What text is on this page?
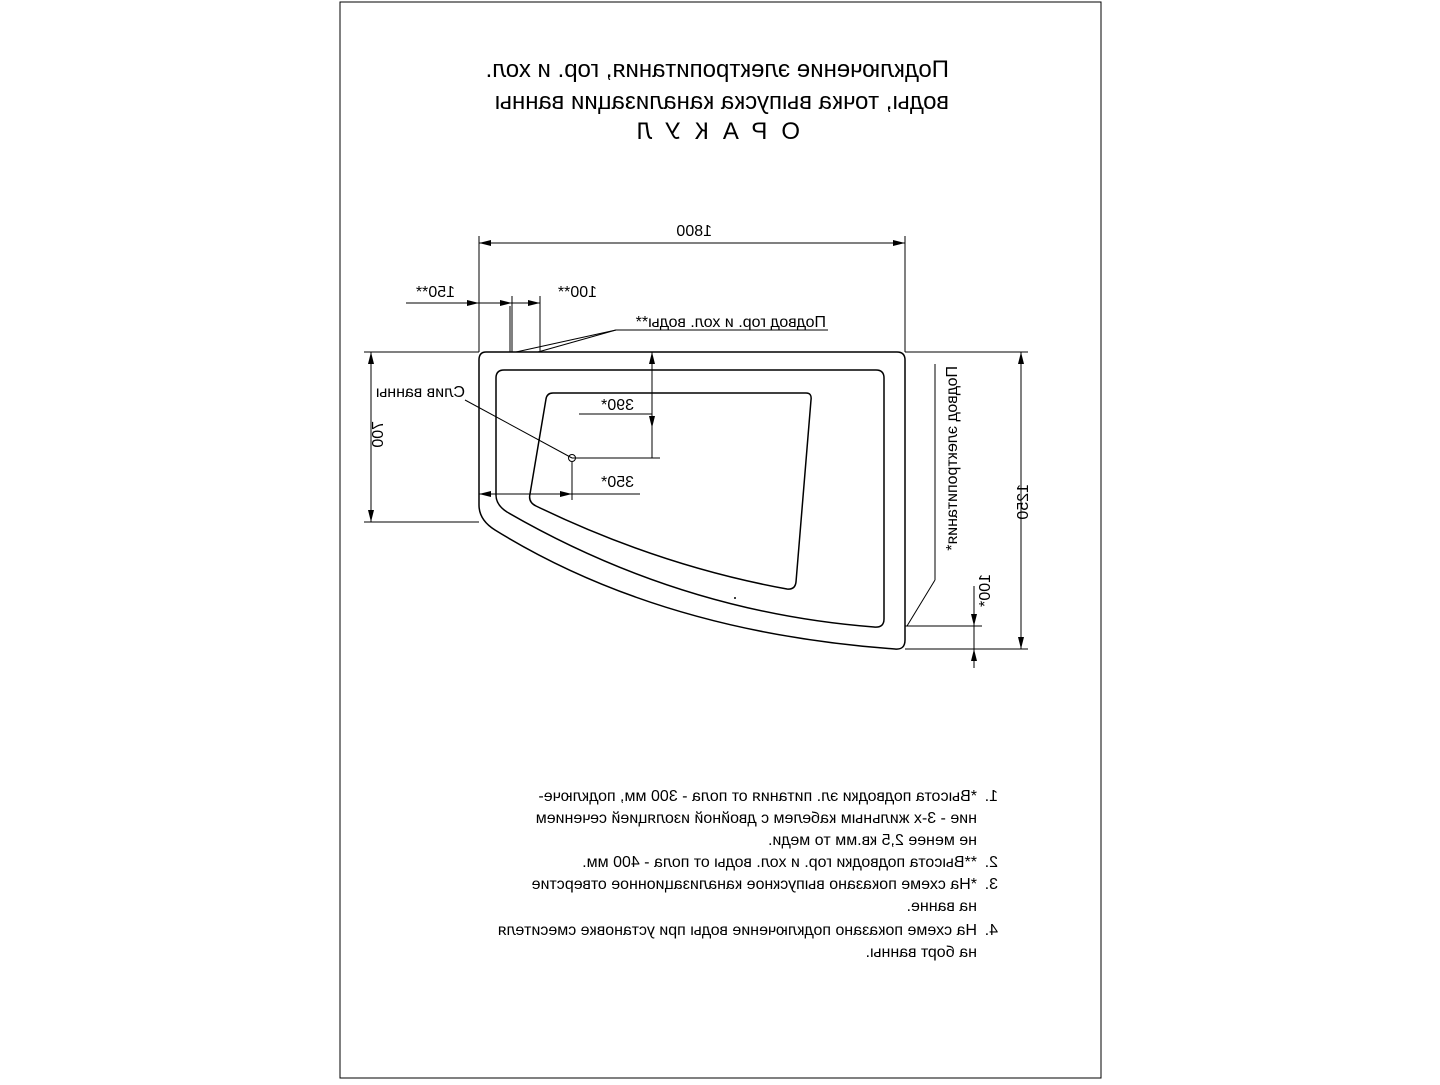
Подключение электропитания, гор. и хол.
воды, точка выпуска канализации ванны
ОРАКУЛ
1800
150**	100**
Подвод гор. и хол. воды**
Слив ванны
390*
350*
700
1250
100*
Подвод электропитания*
1.
*Высота подводки эл. питания от пола - 300 мм, подключе-
ние - 3-х жильным кабелем с двойной изоляцией сечением
не менее 2,5 кв.мм то меди.
2.
**Высота подводки гор. и хол. воды от пола - 400 мм.
3.
*На схеме показано выпускное канализационное отверстие
на ванне.
4.
На схеме показано подключение воды при установке смесителя
на борт ванны.
